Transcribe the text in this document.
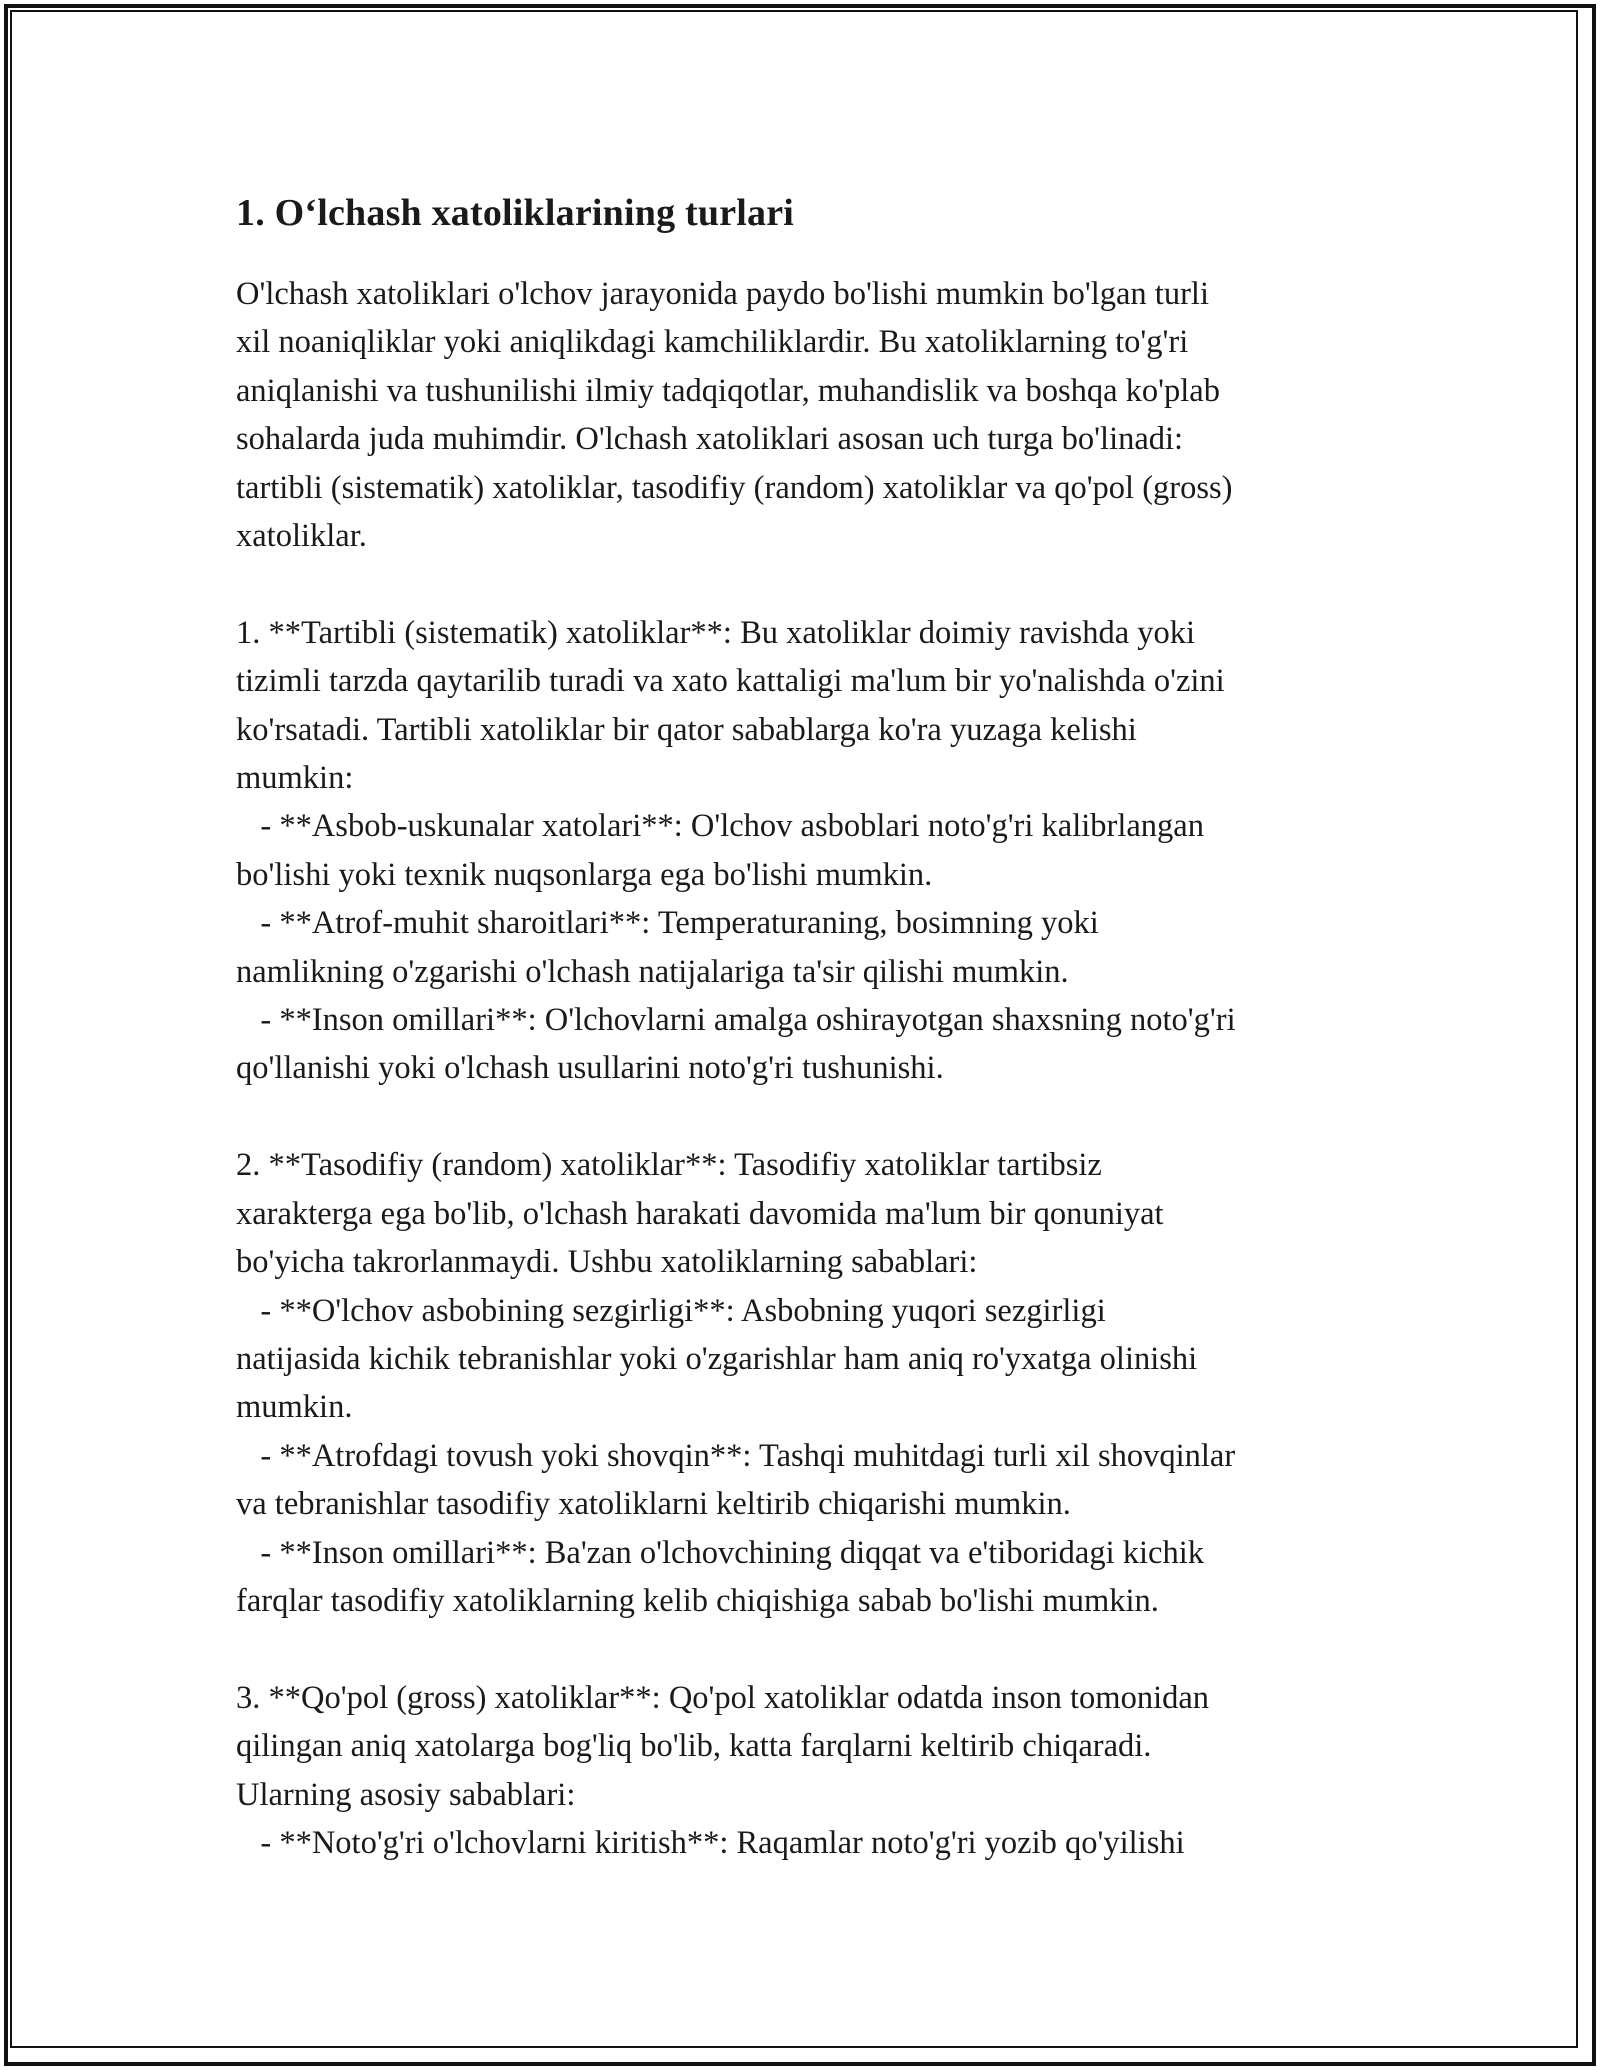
1. O‘lchash xatoliklarining turlari
O'lchash xatoliklari o'lchov jarayonida paydo bo'lishi mumkin bo'lgan turli
xil noaniqliklar yoki aniqlikdagi kamchiliklardir. Bu xatoliklarning to'g'ri
aniqlanishi va tushunilishi ilmiy tadqiqotlar, muhandislik va boshqa ko'plab
sohalarda juda muhimdir. O'lchash xatoliklari asosan uch turga bo'linadi:
tartibli (sistematik) xatoliklar, tasodifiy (random) xatoliklar va qo'pol (gross)
xatoliklar.
1. **Tartibli (sistematik) xatoliklar**: Bu xatoliklar doimiy ravishda yoki
tizimli tarzda qaytarilib turadi va xato kattaligi ma'lum bir yo'nalishda o'zini
ko'rsatadi. Tartibli xatoliklar bir qator sabablarga ko'ra yuzaga kelishi
mumkin:
- **Asbob-uskunalar xatolari**: O'lchov asboblari noto'g'ri kalibrlangan
bo'lishi yoki texnik nuqsonlarga ega bo'lishi mumkin.
- **Atrof-muhit sharoitlari**: Temperaturaning, bosimning yoki
namlikning o'zgarishi o'lchash natijalariga ta'sir qilishi mumkin.
- **Inson omillari**: O'lchovlarni amalga oshirayotgan shaxsning noto'g'ri
qo'llanishi yoki o'lchash usullarini noto'g'ri tushunishi.
2. **Tasodifiy (random) xatoliklar**: Tasodifiy xatoliklar tartibsiz
xarakterga ega bo'lib, o'lchash harakati davomida ma'lum bir qonuniyat
bo'yicha takrorlanmaydi. Ushbu xatoliklarning sabablari:
- **O'lchov asbobining sezgirligi**: Asbobning yuqori sezgirligi
natijasida kichik tebranishlar yoki o'zgarishlar ham aniq ro'yxatga olinishi
mumkin.
- **Atrofdagi tovush yoki shovqin**: Tashqi muhitdagi turli xil shovqinlar
va tebranishlar tasodifiy xatoliklarni keltirib chiqarishi mumkin.
- **Inson omillari**: Ba'zan o'lchovchining diqqat va e'tiboridagi kichik
farqlar tasodifiy xatoliklarning kelib chiqishiga sabab bo'lishi mumkin.
3. **Qo'pol (gross) xatoliklar**: Qo'pol xatoliklar odatda inson tomonidan
qilingan aniq xatolarga bog'liq bo'lib, katta farqlarni keltirib chiqaradi.
Ularning asosiy sabablari:
- **Noto'g'ri o'lchovlarni kiritish**: Raqamlar noto'g'ri yozib qo'yilishi
